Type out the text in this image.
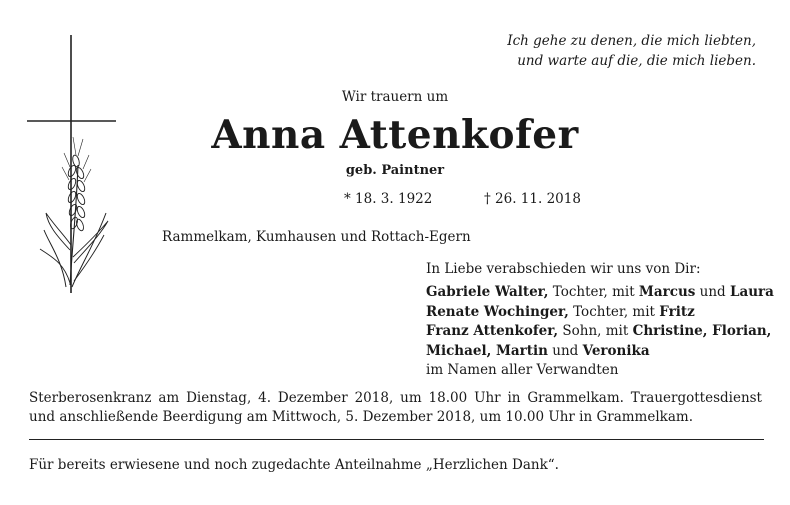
Ich gehe zu denen, die mich liebten,
und warte auf die, die mich lieben.
Wir trauern um
Anna Attenkofer
geb. Paintner
* 18. 3. 1922	† 26. 11. 2018
Rammelkam, Kumhausen und Rottach-Egern
In Liebe verabschieden wir uns von Dir:
Gabriele Walter, Tochter, mit Marcus und Laura
Renate Wochinger, Tochter, mit Fritz
Franz Attenkofer, Sohn, mit Christine, Florian,
Michael, Martin und Veronika
im Namen aller Verwandten
Sterberosenkranz am Dienstag, 4. Dezember 2018, um 18.00 Uhr in Grammelkam. Trauergottesdienst
und anschließende Beerdigung am Mittwoch, 5. Dezember 2018, um 10.00 Uhr in Grammelkam.
Für bereits erwiesene und noch zugedachte Anteilnahme „Herzlichen Dank“.
